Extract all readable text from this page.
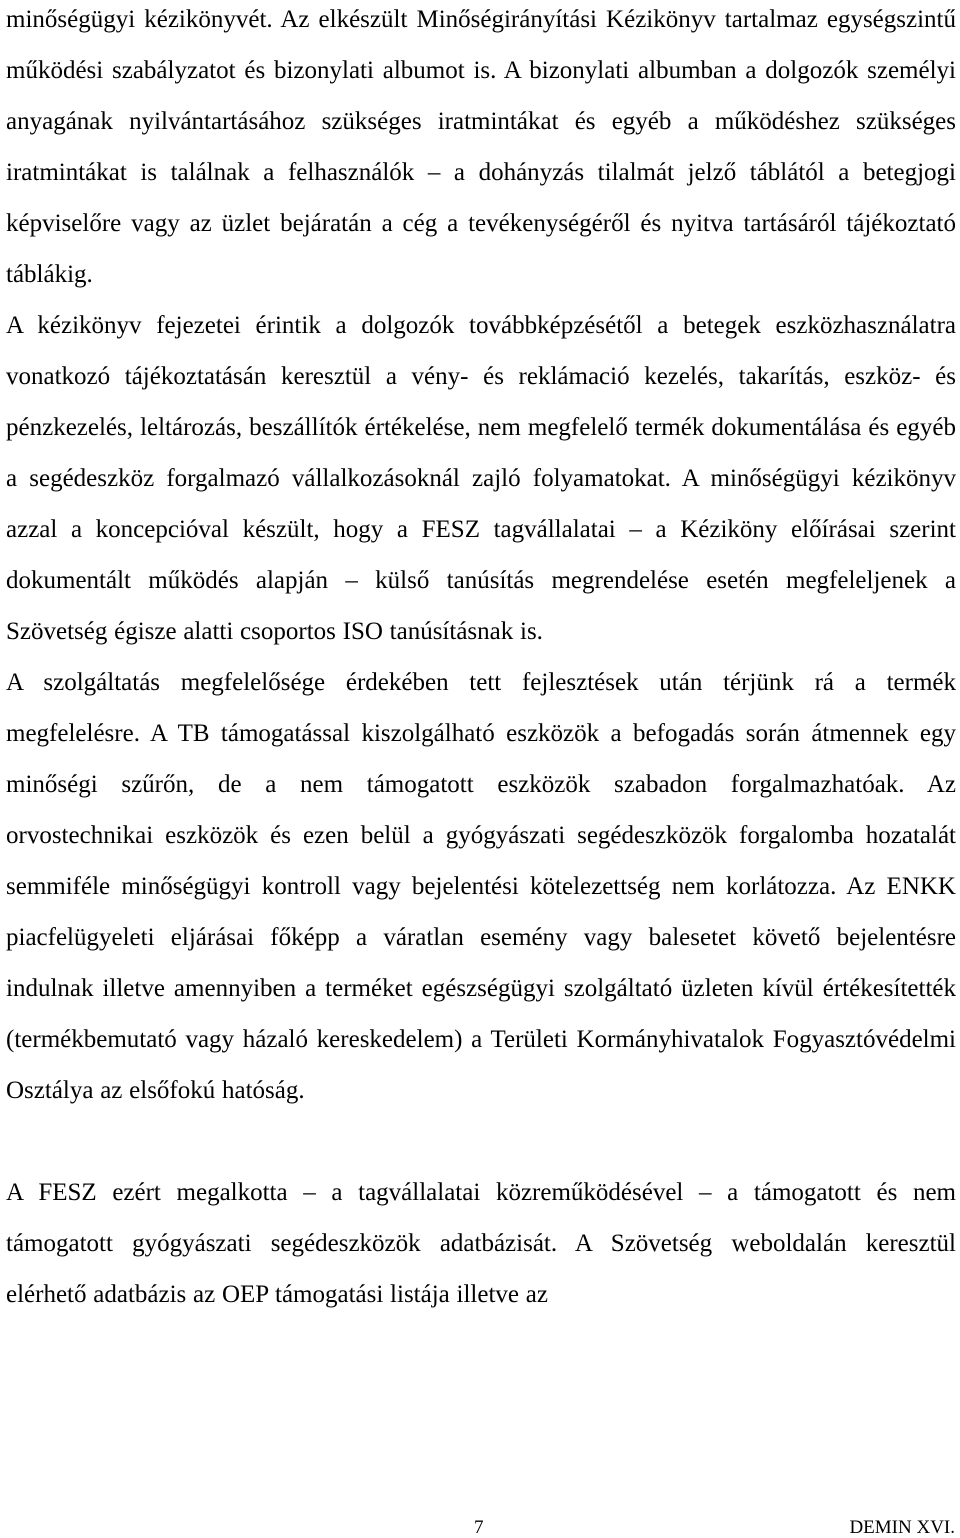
minőségügyi kézikönyvét. Az elkészült Minőségirányítási Kézikönyv tartalmaz egységszintű működési szabályzatot és bizonylati albumot is. A bizonylati albumban a dolgozók személyi anyagának nyilvántartásához szükséges iratmintákat és egyéb a működéshez szükséges iratmintákat is találnak a felhasználók – a dohányzás tilalmát jelző táblától a betegjogi képviselőre vagy az üzlet bejáratán a cég a tevékenységéről és nyitva tartásáról tájékoztató táblákig.

A kézikönyv fejezetei érintik a dolgozók továbbképzésétől a betegek eszközhasználatra vonatkozó tájékoztatásán keresztül a vény- és reklámació kezelés, takarítás, eszköz- és pénzkezelés, leltározás, beszállítók értékelése, nem megfelelő termék dokumentálása és egyéb a segédeszköz forgalmazó vállalkozásoknál zajló folyamatokat. A minőségügyi kézikönyv azzal a koncepcióval készült, hogy a FESZ tagvállalatai – a Kéziköny előírásai szerint dokumentált működés alapján – külső tanúsítás megrendelése esetén megfeleljenek a Szövetség égisze alatti csoportos ISO tanúsításnak is.

A szolgáltatás megfelelősége érdekében tett fejlesztések után térjünk rá a termék megfelelésre. A TB támogatással kiszolgálható eszközök a befogadás során átmennek egy minőségi szűrőn, de a nem támogatott eszközök szabadon forgalmazhatóak. Az orvostechnikai eszközök és ezen belül a gyógyászati segédeszközök forgalomba hozatalát semmiféle minőségügyi kontroll vagy bejelentési kötelezettség nem korlátozza. Az ENKK piacfelügyeleti eljárásai főképp a váratlan esemény vagy balesetet követő bejelentésre indulnak illetve amennyiben a terméket egészségügyi szolgáltató üzleten kívül értékesítették (termékbemutató vagy házaló kereskedelem) a Területi Kormányhivatalok Fogyasztóvédelmi Osztálya az elsőfokú hatóság.

A FESZ ezért megalkotta – a tagvállalatai közreműködésével – a támogatott és nem támogatott gyógyászati segédeszközök adatbázisát. A Szövetség weboldalán keresztül elérhető adatbázis az OEP támogatási listája illetve az

7	DEMIN XVI.
